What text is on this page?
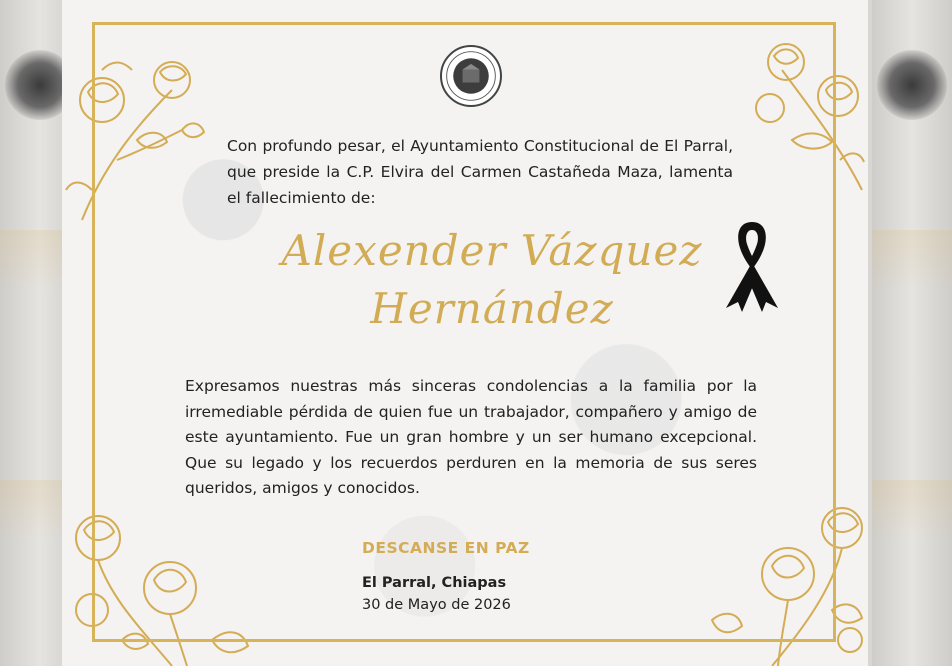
Con profundo pesar, el Ayuntamiento Constitucional de El Parral, que preside la C.P. Elvira del Carmen Castañeda Maza, lamenta el fallecimiento de:
Alexender Vázquez
Hernández
Expresamos nuestras más sinceras condolencias a la familia por la irremediable pérdida de quien fue un trabajador, compañero y amigo de este ayuntamiento. Fue un gran hombre y un ser humano excepcional. Que su legado y los recuerdos perduren en la memoria de sus seres queridos, amigos y conocidos.
DESCANSE EN PAZ
El Parral, Chiapas
30 de Mayo de 2026
